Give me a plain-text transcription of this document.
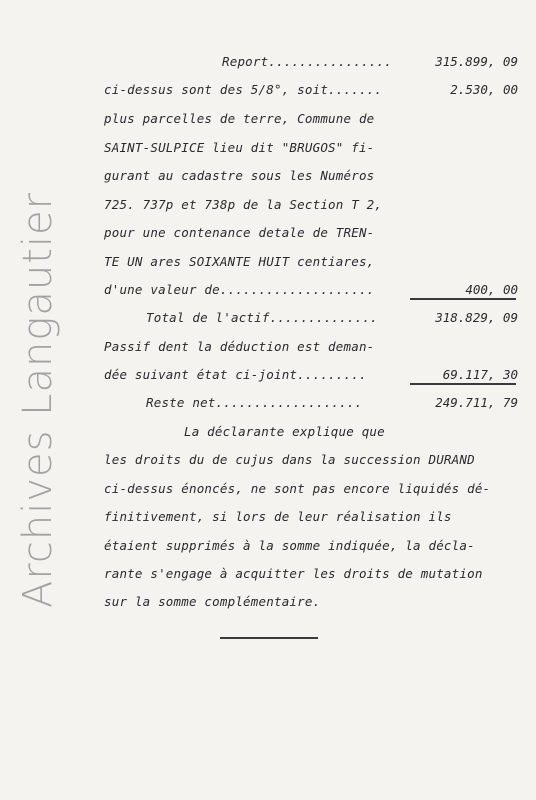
Archives Langautier
Report................	315.899, 09
ci-dessus sont des 5/8°, soit.......	2.530, 00
plus parcelles de terre, Commune de
SAINT-SULPICE lieu dit "BRUGOS" fi-
gurant au cadastre sous les Numéros
725. 737p et 738p de la Section T 2,
pour une contenance detale de TREN-
TE UN ares SOIXANTE HUIT centiares,
d'une valeur de....................	400, 00
Total de l'actif..............	318.829, 09
Passif dent la déduction est deman-
dée suivant état ci-joint.........	69.117, 30
Reste net...................	249.711, 79
La déclarante explique que
les droits du de cujus dans la succession DURAND
ci-dessus énoncés, ne sont pas encore liquidés dé-
finitivement, si lors de leur réalisation ils
étaient supprimés à la somme indiquée, la décla-
rante s'engage à acquitter les droits de mutation
sur la somme complémentaire.
